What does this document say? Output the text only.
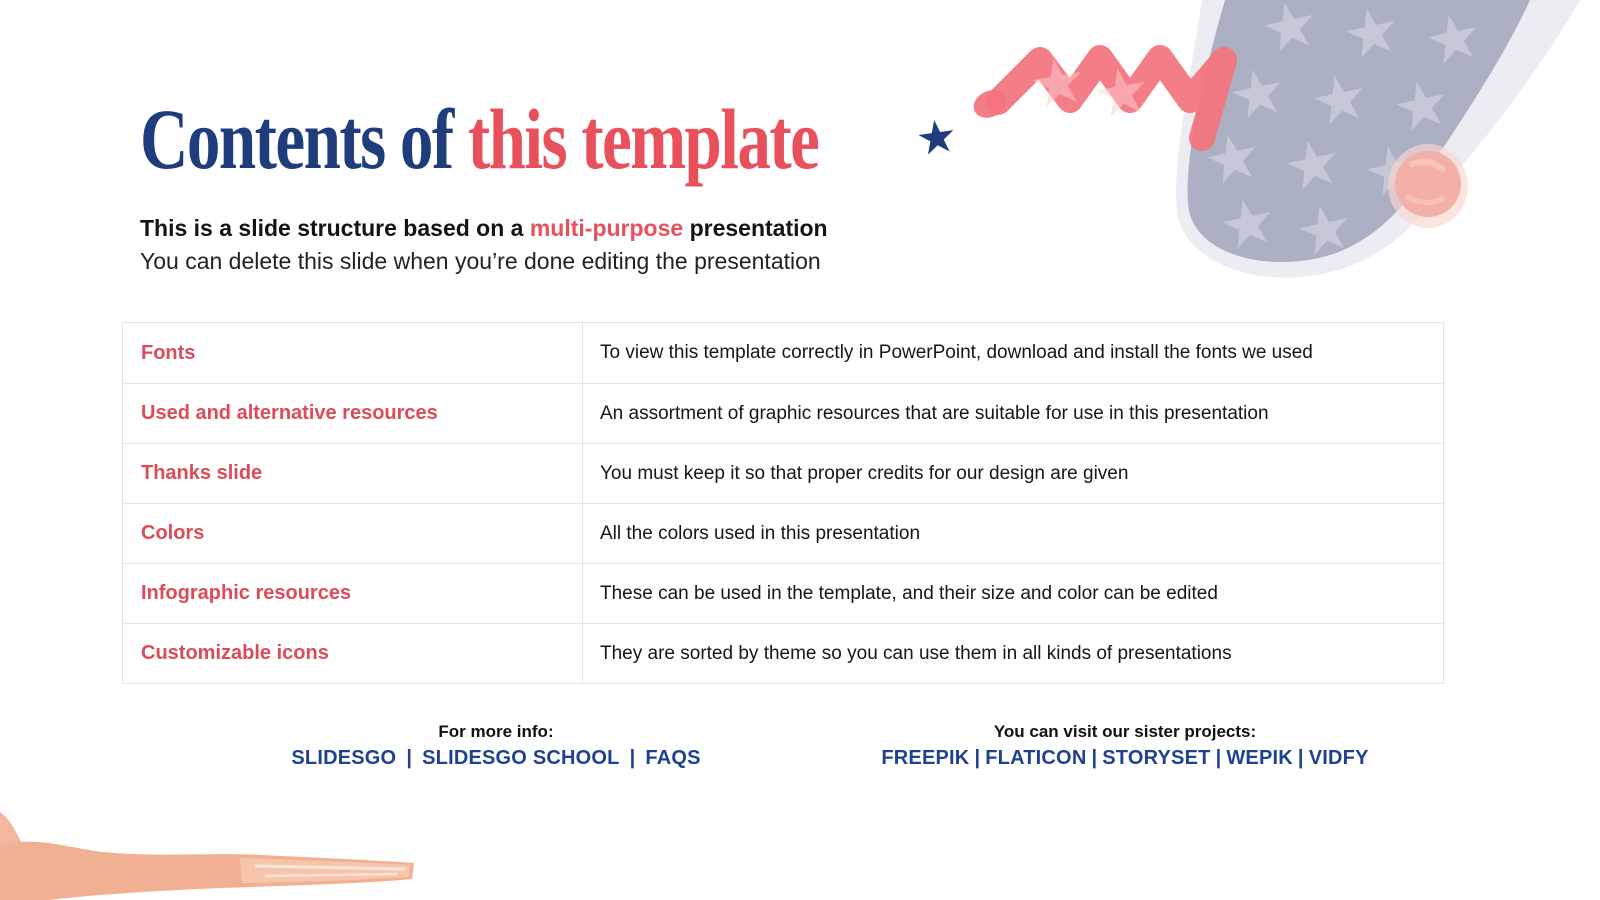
Contents of this template ★
This is a slide structure based on a multi-purpose presentation
You can delete this slide when you’re done editing the presentation
Fonts	To view this template correctly in PowerPoint, download and install the fonts we used
Used and alternative resources	An assortment of graphic resources that are suitable for use in this presentation
Thanks slide	You must keep it so that proper credits for our design are given
Colors	All the colors used in this presentation
Infographic resources	These can be used in the template, and their size and color can be edited
Customizable icons	They are sorted by theme so you can use them in all kinds of presentations
For more info:
SLIDESGO | SLIDESGO SCHOOL | FAQS
You can visit our sister projects:
FREEPIK | FLATICON | STORYSET | WEPIK | VIDFY
